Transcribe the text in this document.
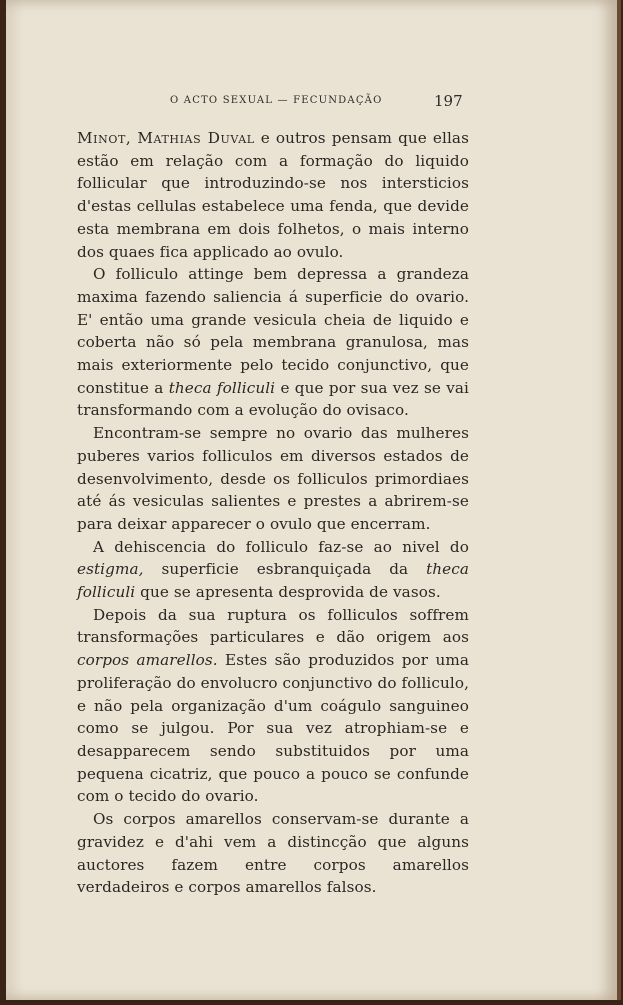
O ACTO SEXUAL — FECUNDAÇÃO	197

Minot, Mathias Duval e outros pensam que ellas estão em relação com a formação do liquido follicular que introduzindo-se nos intersticios d'estas cellulas estabelece uma fenda, que devide esta membrana em dois folhetos, o mais interno dos quaes fica applicado ao ovulo.

O folliculo attinge bem depressa a grandeza maxima fazendo saliencia á superficie do ovario. E' então uma grande vesicula cheia de liquido e coberta não só pela membrana granulosa, mas mais exteriormente pelo tecido conjunctivo, que constitue a theca folliculi e que por sua vez se vai transformando com a evolução do ovisaco.

Encontram-se sempre no ovario das mulheres puberes varios folliculos em diversos estados de desenvolvimento, desde os folliculos primordiaes até ás vesiculas salientes e prestes a abrirem-se para deixar apparecer o ovulo que encerram.

A dehiscencia do folliculo faz-se ao nivel do estigma, superficie esbranquiçada da theca folliculi que se apresenta desprovida de vasos.

Depois da sua ruptura os folliculos soffrem transformações particulares e dão origem aos corpos amarellos. Estes são produzidos por uma proliferação do envolucro conjunctivo do folliculo, e não pela organização d'um coágulo sanguineo como se julgou. Por sua vez atrophiam-se e desapparecem sendo substituidos por uma pequena cicatriz, que pouco a pouco se confunde com o tecido do ovario.

Os corpos amarellos conservam-se durante a gravidez e d'ahi vem a distincção que alguns auctores fazem entre corpos amarellos verdadeiros e corpos amarellos falsos.
